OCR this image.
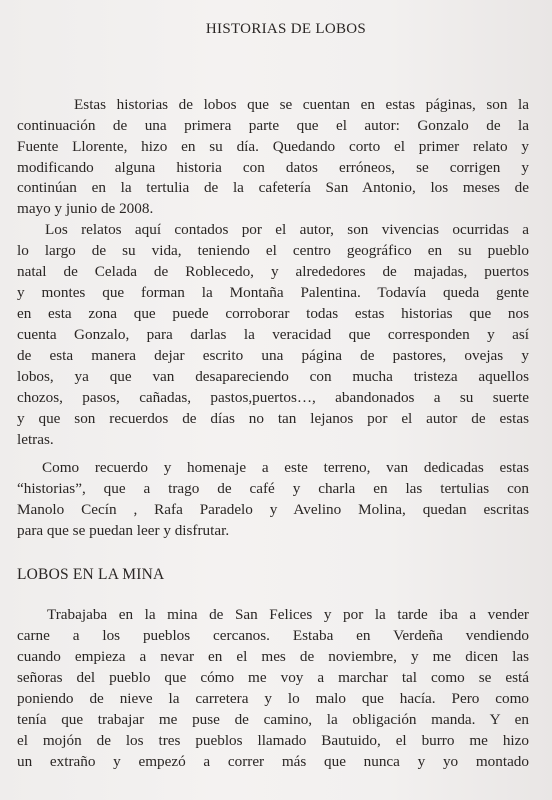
HISTORIAS DE LOBOS
Estas historias de lobos que se cuentan en estas páginas, son la
continuación de una primera parte que el autor: Gonzalo de la
Fuente Llorente, hizo en su día. Quedando corto el primer relato y
modificando alguna historia con datos erróneos, se corrigen y
continúan en la tertulia de la cafetería San Antonio, los meses de
mayo y junio de 2008.
Los relatos aquí contados por el autor, son vivencias ocurridas a
lo largo de su vida, teniendo el centro geográfico en su pueblo
natal de Celada de Roblecedo, y alrededores de majadas, puertos
y montes que forman la Montaña Palentina. Todavía queda gente
en esta zona que puede corroborar todas estas historias que nos
cuenta Gonzalo, para darlas la veracidad que corresponden y así
de esta manera dejar escrito una página de pastores, ovejas y
lobos, ya que van desapareciendo con mucha tristeza aquellos
chozos, pasos, cañadas, pastos,puertos…, abandonados a su suerte
y que son recuerdos de días no tan lejanos por el autor de estas
letras.
Como recuerdo y homenaje a este terreno, van dedicadas estas
“historias”, que a trago de café y charla en las tertulias con
Manolo Cecín , Rafa Paradelo y Avelino Molina, quedan escritas
para que se puedan leer y disfrutar.
LOBOS EN LA MINA
Trabajaba en la mina de San Felices y por la tarde iba a vender
carne a los pueblos cercanos. Estaba en Verdeña vendiendo
cuando empieza a nevar en el mes de noviembre, y me dicen las
señoras del pueblo que cómo me voy a marchar tal como se está
poniendo de nieve la carretera y lo malo que hacía. Pero como
tenía que trabajar me puse de camino, la obligación manda. Y en
el mojón de los tres pueblos llamado Bautuido, el burro me hizo
un extraño y empezó a correr más que nunca y yo montado
